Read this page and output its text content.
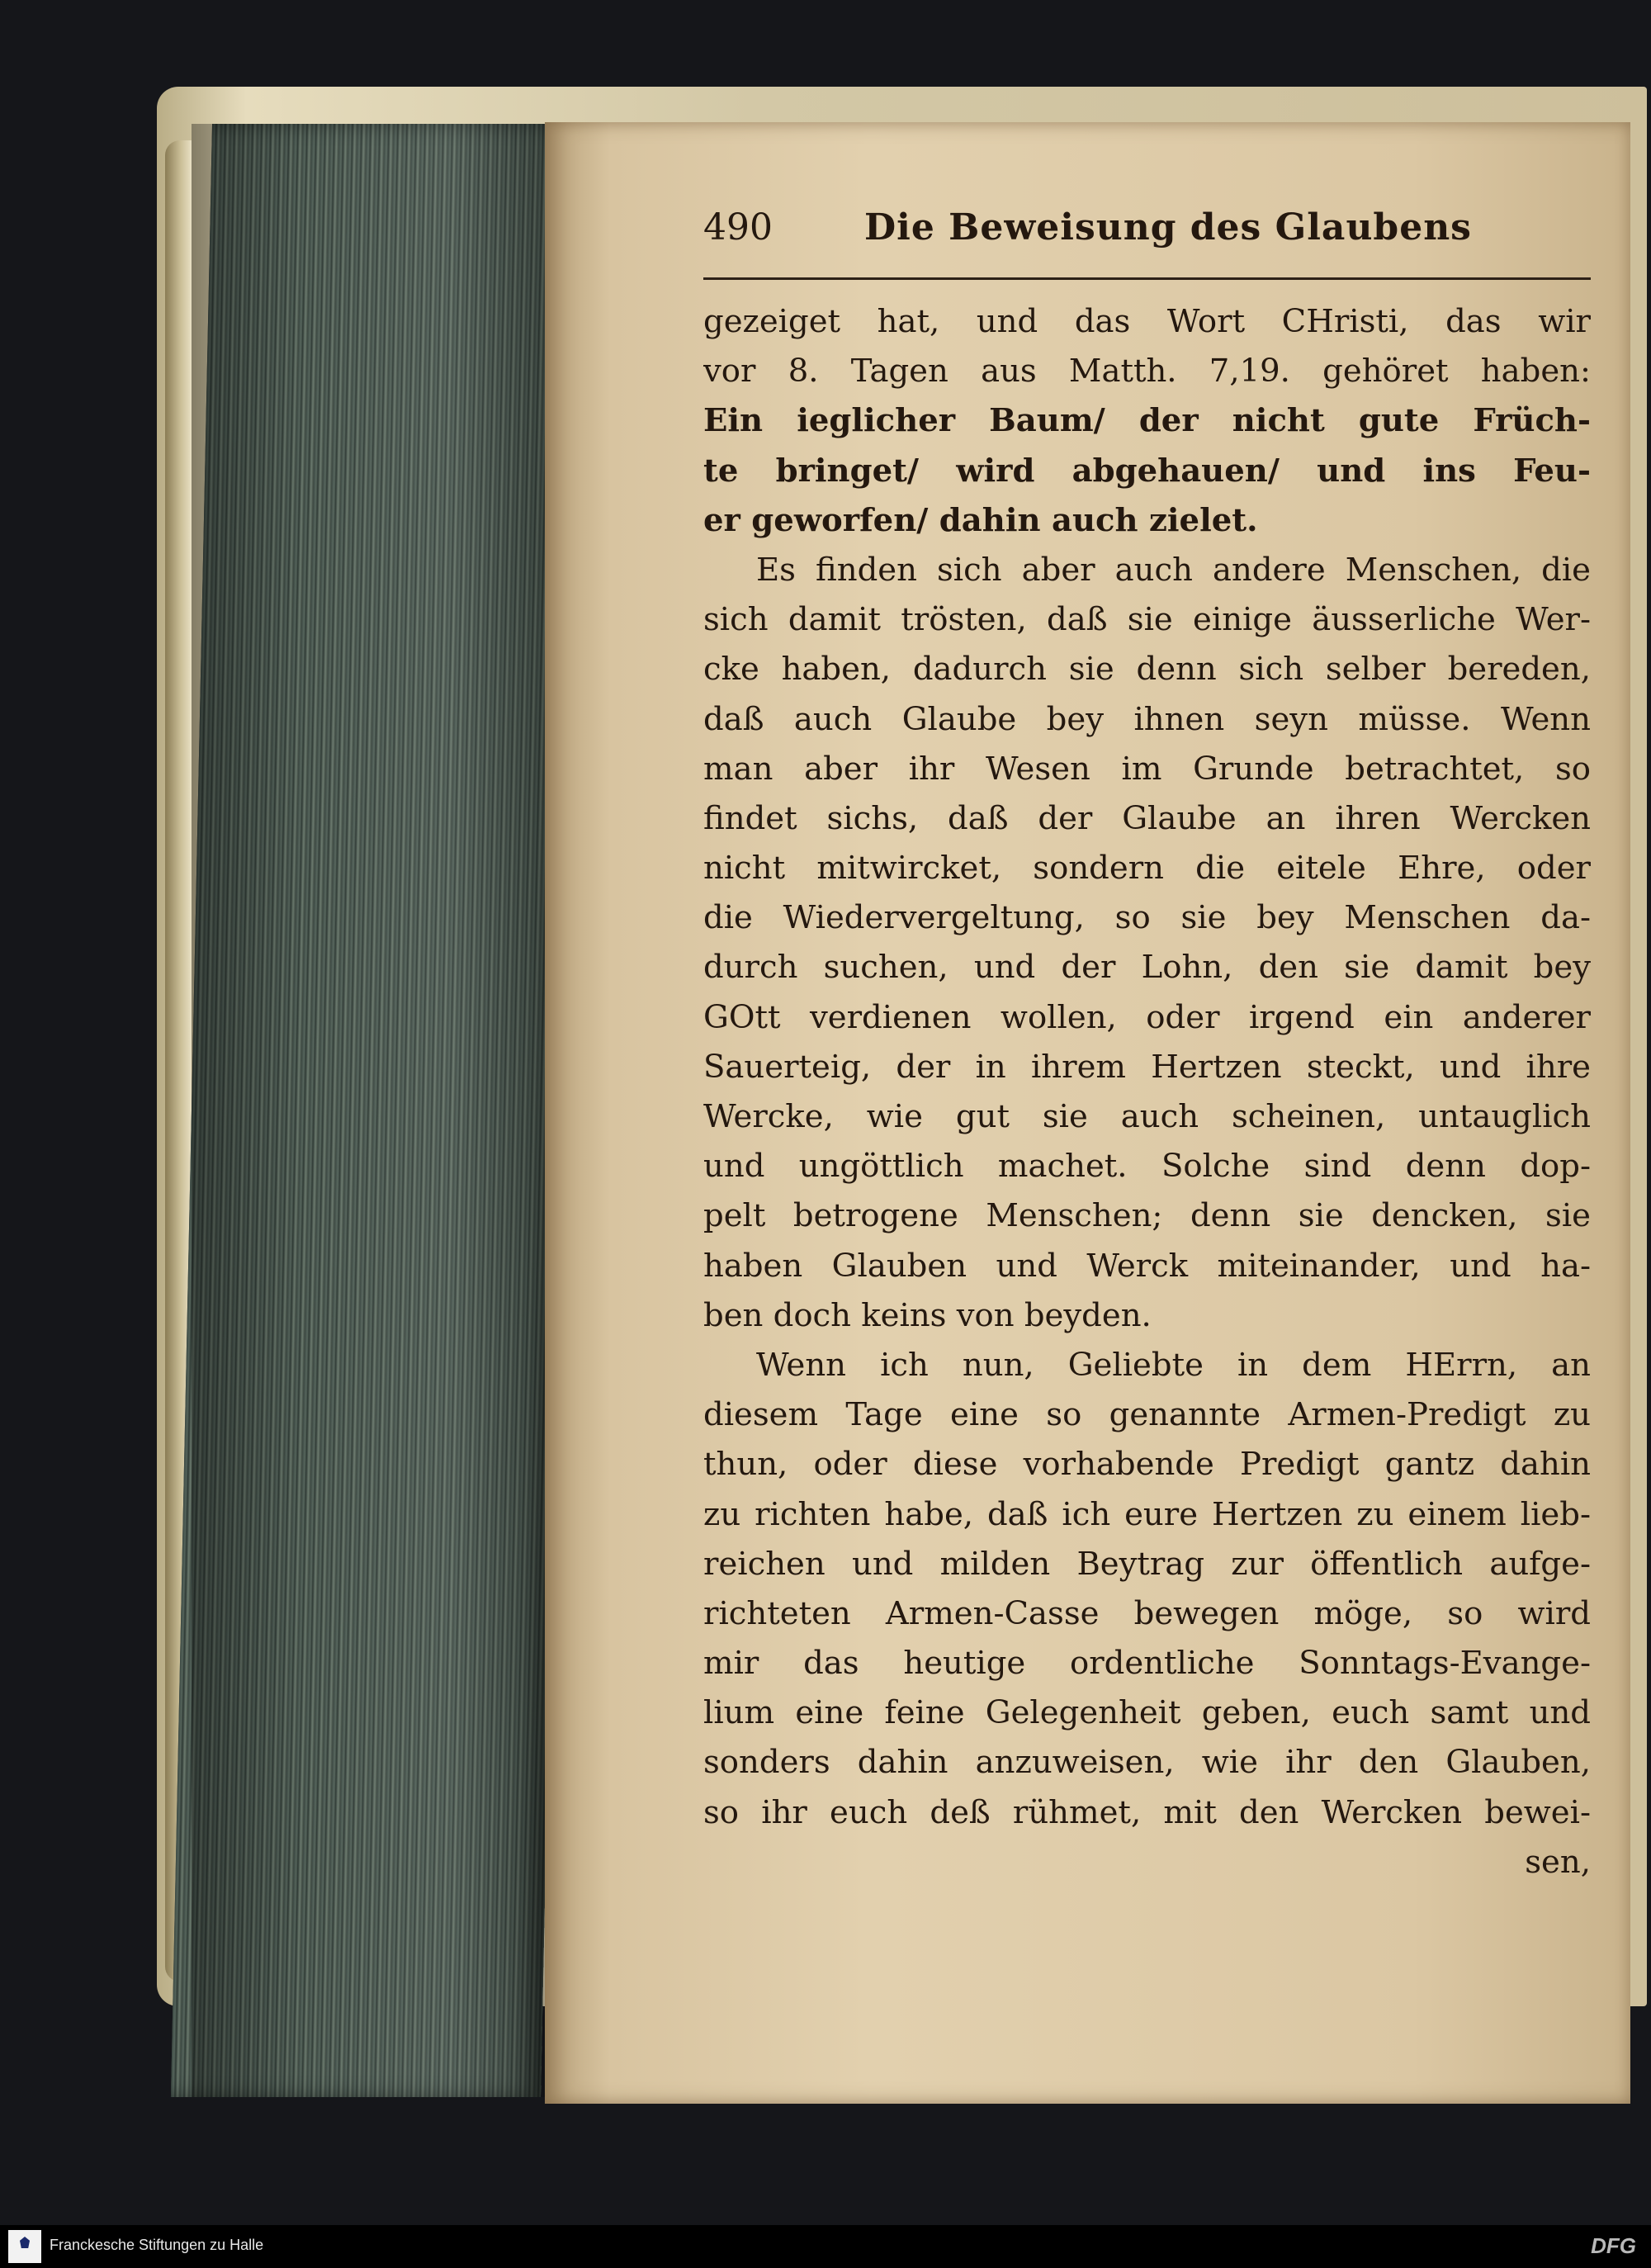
490	Die Beweisung des Glaubens
gezeiget hat, und das Wort CHristi, das wir
vor 8. Tagen aus Matth. 7,19. gehöret haben:
Ein ieglicher Baum/ der nicht gute Früch-
te bringet/ wird abgehauen/ und ins Feu-
er geworfen/ dahin auch zielet.
Es finden sich aber auch andere Menschen, die
sich damit trösten, daß sie einige äusserliche Wer-
cke haben, dadurch sie denn sich selber bereden,
daß auch Glaube bey ihnen seyn müsse. Wenn
man aber ihr Wesen im Grunde betrachtet, so
findet sichs, daß der Glaube an ihren Wercken
nicht mitwircket, sondern die eitele Ehre, oder
die Wiedervergeltung, so sie bey Menschen da-
durch suchen, und der Lohn, den sie damit bey
GOtt verdienen wollen, oder irgend ein anderer
Sauerteig, der in ihrem Hertzen steckt, und ihre
Wercke, wie gut sie auch scheinen, untauglich
und ungöttlich machet. Solche sind denn dop-
pelt betrogene Menschen; denn sie dencken, sie
haben Glauben und Werck miteinander, und ha-
ben doch keins von beyden.
Wenn ich nun, Geliebte in dem HErrn, an
diesem Tage eine so genannte Armen-Predigt zu
thun, oder diese vorhabende Predigt gantz dahin
zu richten habe, daß ich eure Hertzen zu einem lieb-
reichen und milden Beytrag zur öffentlich aufge-
richteten Armen-Casse bewegen möge, so wird
mir das heutige ordentliche Sonntags-Evange-
lium eine feine Gelegenheit geben, euch samt und
sonders dahin anzuweisen, wie ihr den Glauben,
so ihr euch deß rühmet, mit den Wercken bewei-
sen,
Franckesche Stiftungen zu Halle	DFG
